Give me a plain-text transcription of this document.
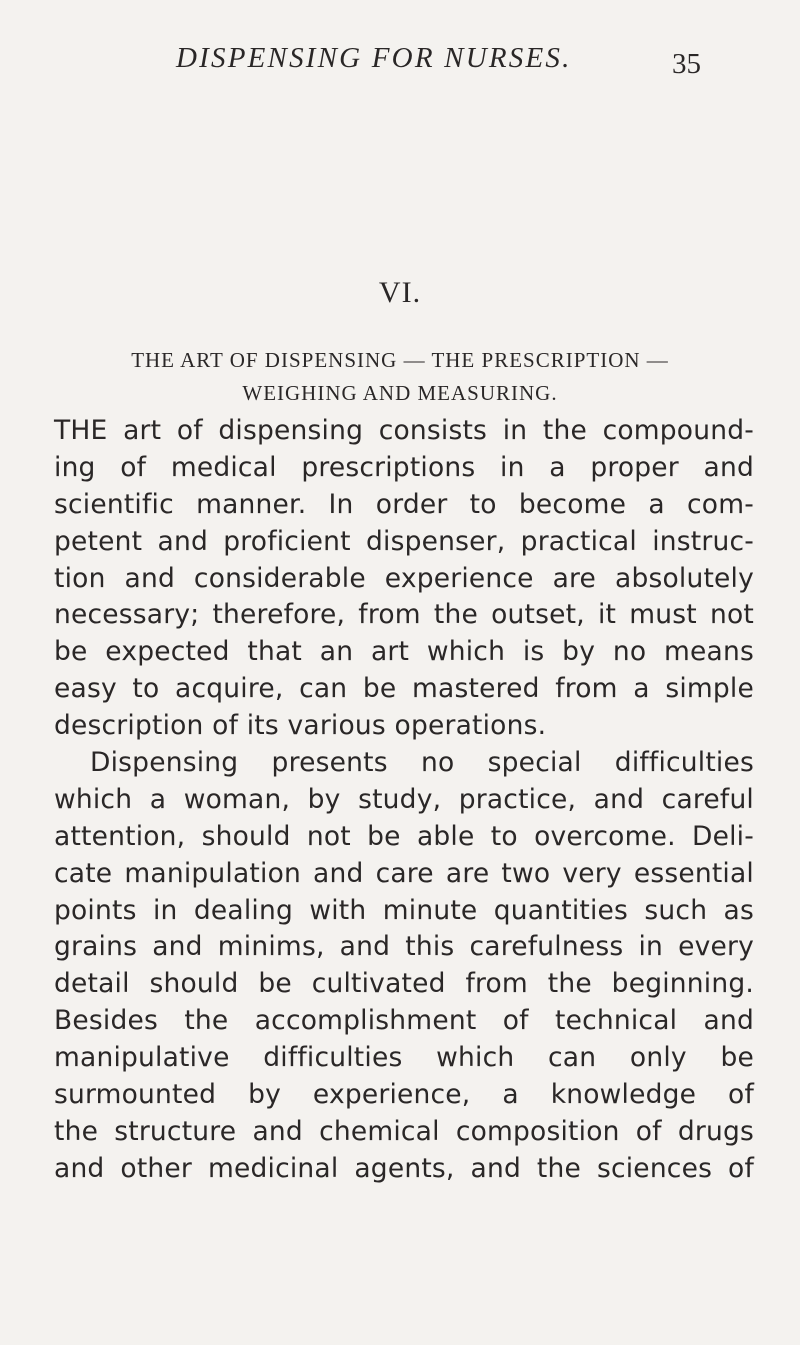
DISPENSING FOR NURSES.	35
VI.
THE ART OF DISPENSING — THE PRESCRIPTION —
WEIGHING AND MEASURING.
THE art of dispensing consists in the compound-
ing of medical prescriptions in a proper and
scientific manner. In order to become a com-
petent and proficient dispenser, practical instruc-
tion and considerable experience are absolutely
necessary; therefore, from the outset, it must not
be expected that an art which is by no means
easy to acquire, can be mastered from a simple
description of its various operations.
Dispensing presents no special difficulties
which a woman, by study, practice, and careful
attention, should not be able to overcome. Deli-
cate manipulation and care are two very essential
points in dealing with minute quantities such as
grains and minims, and this carefulness in every
detail should be cultivated from the beginning.
Besides the accomplishment of technical and
manipulative difficulties which can only be
surmounted by experience, a knowledge of
the structure and chemical composition of drugs
and other medicinal agents, and the sciences of
